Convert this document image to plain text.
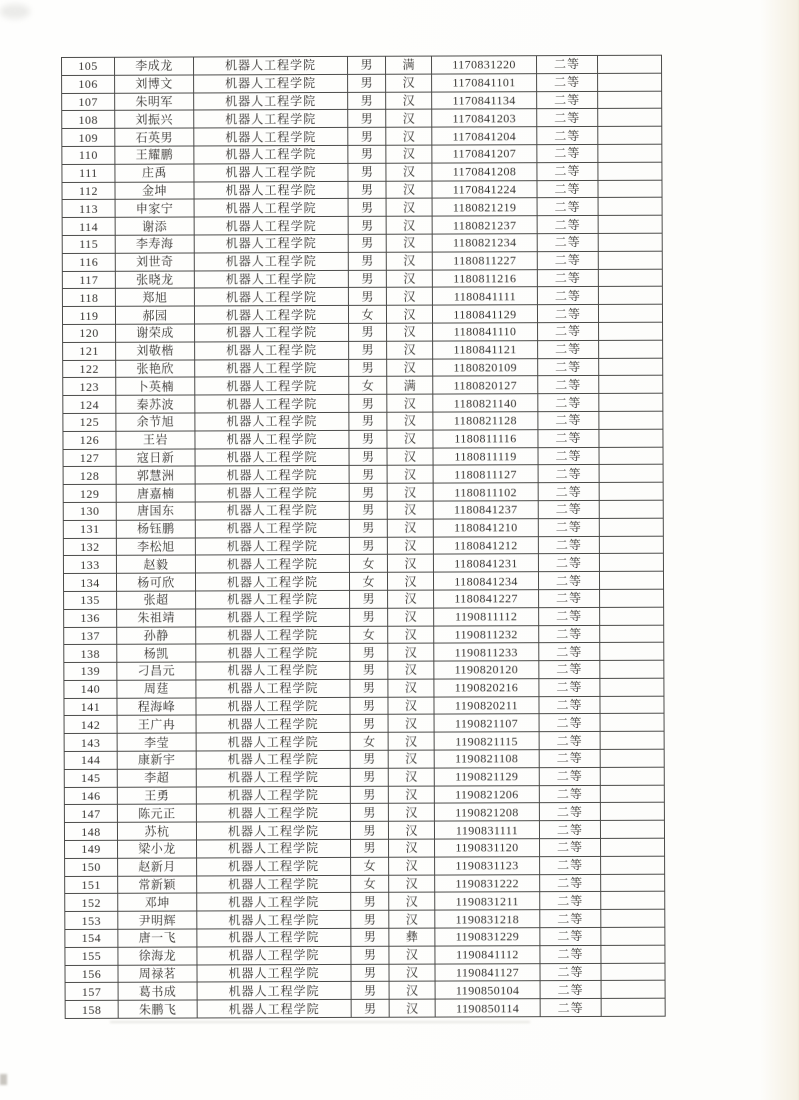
105	李成龙	机器人工程学院	男	满	1170831220	二等	
106	刘博文	机器人工程学院	男	汉	1170841101	二等	
107	朱明军	机器人工程学院	男	汉	1170841134	二等	
108	刘振兴	机器人工程学院	男	汉	1170841203	二等	
109	石英男	机器人工程学院	男	汉	1170841204	二等	
110	王耀鹏	机器人工程学院	男	汉	1170841207	二等	
111	庄禹	机器人工程学院	男	汉	1170841208	二等	
112	金坤	机器人工程学院	男	汉	1170841224	二等	
113	申家宁	机器人工程学院	男	汉	1180821219	二等	
114	谢添	机器人工程学院	男	汉	1180821237	二等	
115	李寿海	机器人工程学院	男	汉	1180821234	二等	
116	刘世奇	机器人工程学院	男	汉	1180811227	二等	
117	张晓龙	机器人工程学院	男	汉	1180811216	二等	
118	郑旭	机器人工程学院	男	汉	1180841111	二等	
119	郝园	机器人工程学院	女	汉	1180841129	二等	
120	谢荣成	机器人工程学院	男	汉	1180841110	二等	
121	刘敬楷	机器人工程学院	男	汉	1180841121	二等	
122	张艳欣	机器人工程学院	男	汉	1180820109	二等	
123	卜英楠	机器人工程学院	女	满	1180820127	二等	
124	秦苏波	机器人工程学院	男	汉	1180821140	二等	
125	余节旭	机器人工程学院	男	汉	1180821128	二等	
126	王岩	机器人工程学院	男	汉	1180811116	二等	
127	寇日新	机器人工程学院	男	汉	1180811119	二等	
128	郭慧洲	机器人工程学院	男	汉	1180811127	二等	
129	唐嘉楠	机器人工程学院	男	汉	1180811102	二等	
130	唐国东	机器人工程学院	男	汉	1180841237	二等	
131	杨钰鹏	机器人工程学院	男	汉	1180841210	二等	
132	李松旭	机器人工程学院	男	汉	1180841212	二等	
133	赵毅	机器人工程学院	女	汉	1180841231	二等	
134	杨可欣	机器人工程学院	女	汉	1180841234	二等	
135	张超	机器人工程学院	男	汉	1180841227	二等	
136	朱祖靖	机器人工程学院	男	汉	1190811112	二等	
137	孙静	机器人工程学院	女	汉	1190811232	二等	
138	杨凯	机器人工程学院	男	汉	1190811233	二等	
139	刁昌元	机器人工程学院	男	汉	1190820120	二等	
140	周莛	机器人工程学院	男	汉	1190820216	二等	
141	程海峰	机器人工程学院	男	汉	1190820211	二等	
142	王广冉	机器人工程学院	男	汉	1190821107	二等	
143	李莹	机器人工程学院	女	汉	1190821115	二等	
144	康新宇	机器人工程学院	男	汉	1190821108	二等	
145	李超	机器人工程学院	男	汉	1190821129	二等	
146	王勇	机器人工程学院	男	汉	1190821206	二等	
147	陈元正	机器人工程学院	男	汉	1190821208	二等	
148	苏杭	机器人工程学院	男	汉	1190831111	二等	
149	梁小龙	机器人工程学院	男	汉	1190831120	二等	
150	赵新月	机器人工程学院	女	汉	1190831123	二等	
151	常新颖	机器人工程学院	女	汉	1190831222	二等	
152	邓坤	机器人工程学院	男	汉	1190831211	二等	
153	尹明辉	机器人工程学院	男	汉	1190831218	二等	
154	唐一飞	机器人工程学院	男	彝	1190831229	二等	
155	徐海龙	机器人工程学院	男	汉	1190841112	二等	
156	周禄茗	机器人工程学院	男	汉	1190841127	二等	
157	葛书成	机器人工程学院	男	汉	1190850104	二等	
158	朱鹏飞	机器人工程学院	男	汉	1190850114	二等	
